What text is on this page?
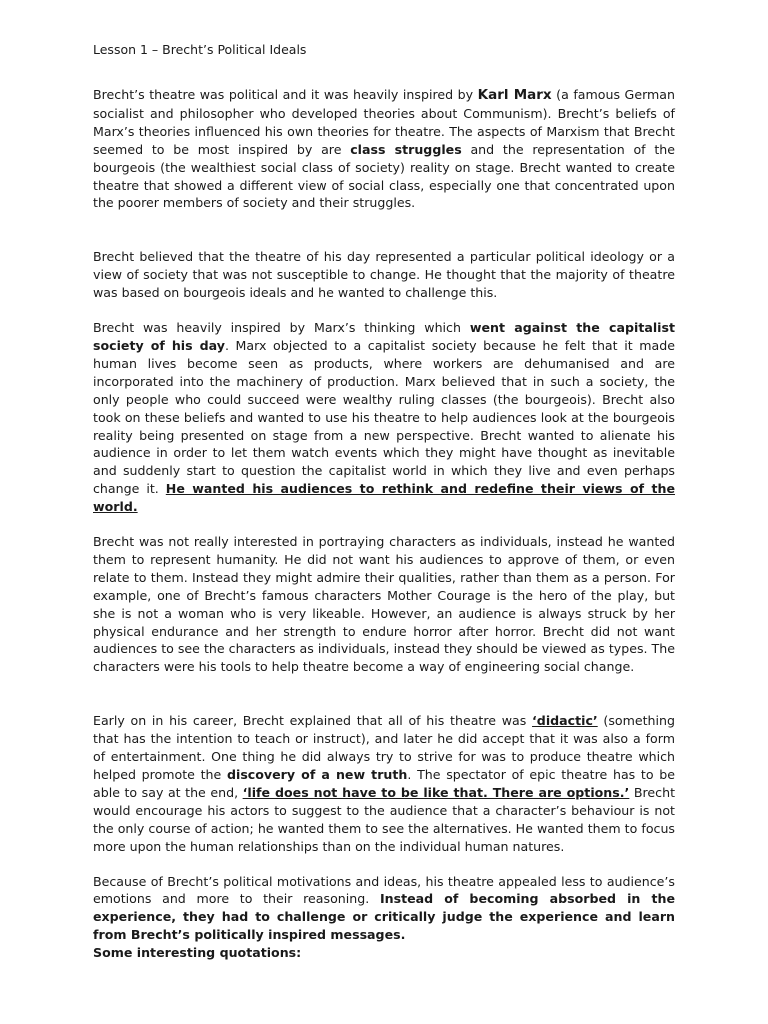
Lesson 1 – Brecht’s Political Ideals

Brecht’s theatre was political and it was heavily inspired by Karl Marx (a famous German socialist and philosopher who developed theories about Communism). Brecht’s beliefs of Marx’s theories influenced his own theories for theatre. The aspects of Marxism that Brecht seemed to be most inspired by are class struggles and the representation of the bourgeois (the wealthiest social class of society) reality on stage. Brecht wanted to create theatre that showed a different view of social class, especially one that concentrated upon the poorer members of society and their struggles.

Brecht believed that the theatre of his day represented a particular political ideology or a view of society that was not susceptible to change. He thought that the majority of theatre was based on bourgeois ideals and he wanted to challenge this.

Brecht was heavily inspired by Marx’s thinking which went against the capitalist society of his day. Marx objected to a capitalist society because he felt that it made human lives become seen as products, where workers are dehumanised and are incorporated into the machinery of production. Marx believed that in such a society, the only people who could succeed were wealthy ruling classes (the bourgeois). Brecht also took on these beliefs and wanted to use his theatre to help audiences look at the bourgeois reality being presented on stage from a new perspective. Brecht wanted to alienate his audience in order to let them watch events which they might have thought as inevitable and suddenly start to question the capitalist world in which they live and even perhaps change it. He wanted his audiences to rethink and redefine their views of the world.

Brecht was not really interested in portraying characters as individuals, instead he wanted them to represent humanity. He did not want his audiences to approve of them, or even relate to them. Instead they might admire their qualities, rather than them as a person. For example, one of Brecht’s famous characters Mother Courage is the hero of the play, but she is not a woman who is very likeable. However, an audience is always struck by her physical endurance and her strength to endure horror after horror. Brecht did not want audiences to see the characters as individuals, instead they should be viewed as types. The characters were his tools to help theatre become a way of engineering social change.

Early on in his career, Brecht explained that all of his theatre was ‘didactic’ (something that has the intention to teach or instruct), and later he did accept that it was also a form of entertainment. One thing he did always try to strive for was to produce theatre which helped promote the discovery of a new truth. The spectator of epic theatre has to be able to say at the end, ‘life does not have to be like that. There are options.’ Brecht would encourage his actors to suggest to the audience that a character’s behaviour is not the only course of action; he wanted them to see the alternatives. He wanted them to focus more upon the human relationships than on the individual human natures.

Because of Brecht’s political motivations and ideas, his theatre appealed less to audience’s emotions and more to their reasoning. Instead of becoming absorbed in the experience, they had to challenge or critically judge the experience and learn from Brecht’s politically inspired messages.

Some interesting quotations:
